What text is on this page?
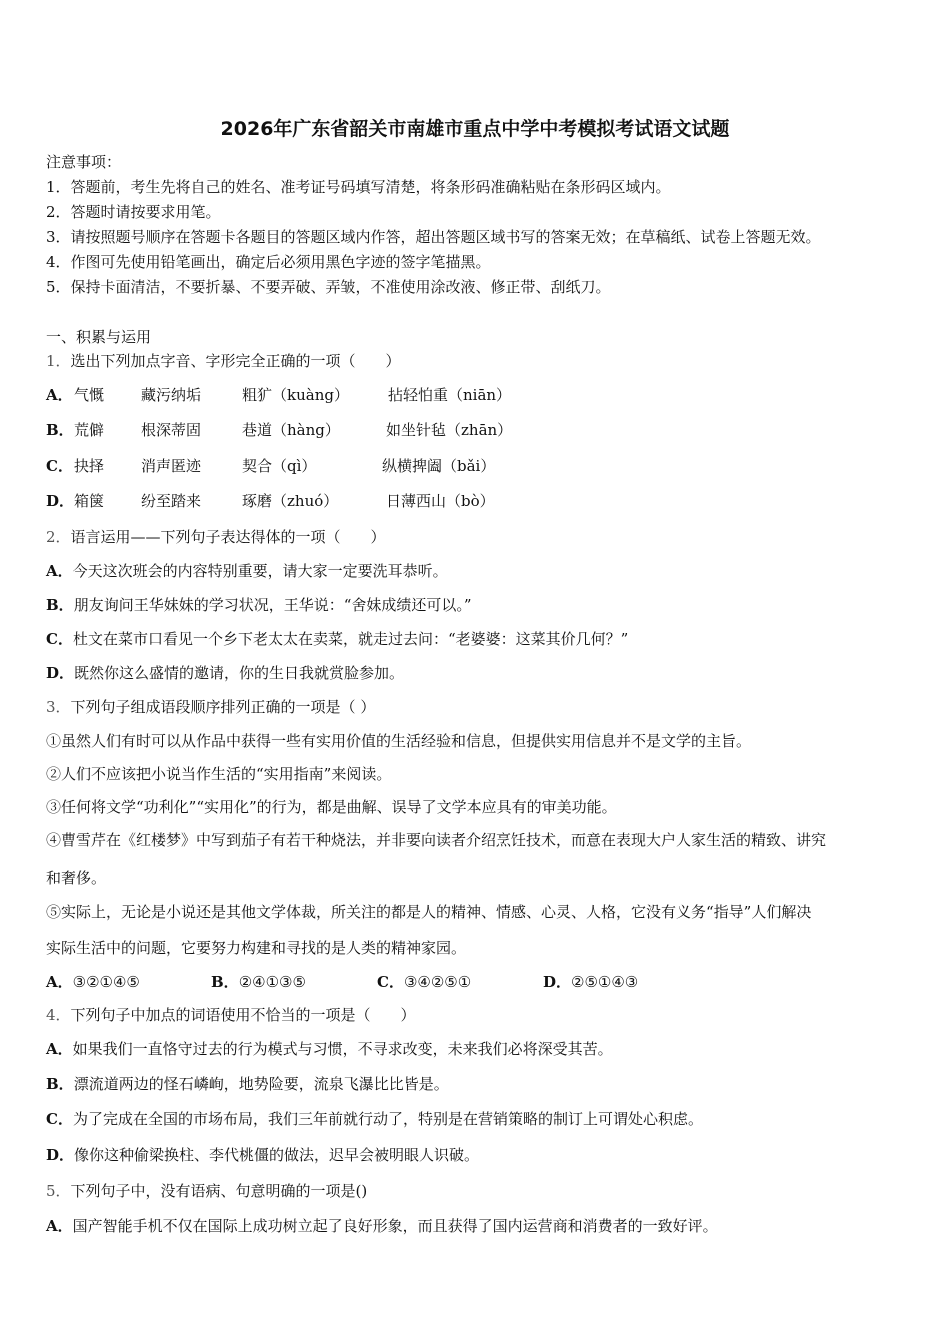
2026年广东省韶关市南雄市重点中学中考模拟考试语文试题
注意事项：
1．答题前，考生先将自己的姓名、准考证号码填写清楚，将条形码准确粘贴在条形码区域内。
2．答题时请按要求用笔。
3．请按照题号顺序在答题卡各题目的答题区域内作答，超出答题区域书写的答案无效；在草稿纸、试卷上答题无效。
4．作图可先使用铅笔画出，确定后必须用黑色字迹的签字笔描黑。
5．保持卡面清洁，不要折暴、不要弄破、弄皱，不准使用涂改液、修正带、刮纸刀。
一、积累与运用
1．选出下列加点字音、字形完全正确的一项（　　）
A． 气慨 藏污纳垢	粗犷（kuàng）	拈轻怕重（niān）
B． 荒僻 根深蒂固	巷道（hàng）	如坐针毡（zhān）
C． 抉择 消声匿迹	契合（qì）	纵横捭阖（bǎi）
D． 箱箧 纷至踏来	琢磨（zhuó）	日薄西山（bò）
2．语言运用——下列句子表达得体的一项（　　）
A．今天这次班会的内容特别重要，请大家一定要洗耳恭听。
B．朋友询问王华妹妹的学习状况，王华说：“舍妹成绩还可以。”
C．杜文在菜市口看见一个乡下老太太在卖菜，就走过去问：“老婆婆：这菜其价几何？”
D．既然你这么盛情的邀请，你的生日我就赏脸参加。
3．下列句子组成语段顺序排列正确的一项是（ ）
①虽然人们有时可以从作品中获得一些有实用价值的生活经验和信息，但提供实用信息并不是文学的主旨。
②人们不应该把小说当作生活的“实用指南”来阅读。
③任何将文学“功利化”“实用化”的行为，都是曲解、误导了文学本应具有的审美功能。
④曹雪芹在《红楼梦》中写到茄子有若干种烧法，并非要向读者介绍烹饪技术，而意在表现大户人家生活的精致、讲究
和奢侈。
⑤实际上，无论是小说还是其他文学体裁，所关注的都是人的精神、情感、心灵、人格，它没有义务“指导”人们解决
实际生活中的问题，它要努力构建和寻找的是人类的精神家园。
A．③②①④⑤	B．②④①③⑤	C．③④②⑤①	D．②⑤①④③
4．下列句子中加点的词语使用不恰当的一项是（　　）
A．如果我们一直恪守过去的行为模式与习惯，不寻求改变，未来我们必将深受其苦。
B．漂流道两边的怪石嶙峋，地势险要，流泉飞瀑比比皆是。
C．为了完成在全国的市场布局，我们三年前就行动了，特别是在营销策略的制订上可谓处心积虑。
D．像你这种偷梁换柱、李代桃僵的做法，迟早会被明眼人识破。
5．下列句子中，没有语病、句意明确的一项是()
A．国产智能手机不仅在国际上成功树立起了良好形象，而且获得了国内运营商和消费者的一致好评。
